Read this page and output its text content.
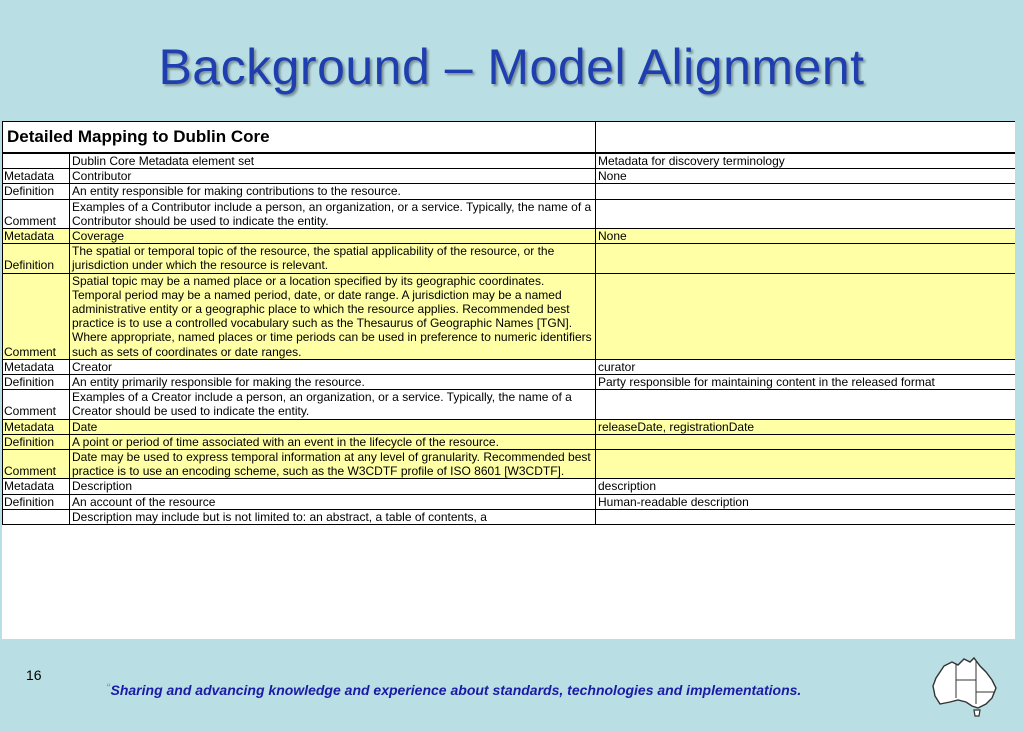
Background – Model Alignment
Detailed Mapping to Dublin Core		
	Dublin Core Metadata element set	Metadata for discovery terminology
Metadata	Contributor	None
Definition	An entity responsible for making contributions to the resource.	
Comment	Examples of a Contributor include a person, an organization, or a service. Typically, the name of a Contributor should be used to indicate the entity.	
Metadata	Coverage	None
Definition	The spatial or temporal topic of the resource, the spatial applicability of the resource, or the jurisdiction under which the resource is relevant.	
Comment	Spatial topic may be a named place or a location specified by its geographic coordinates. Temporal period may be a named period, date, or date range. A jurisdiction may be a named administrative entity or a geographic place to which the resource applies. Recommended best practice is to use a controlled vocabulary such as the Thesaurus of Geographic Names [TGN]. Where appropriate, named places or time periods can be used in preference to numeric identifiers such as sets of coordinates or date ranges.	
Metadata	Creator	curator
Definition	An entity primarily responsible for making the resource.	Party responsible for maintaining content in the released format
Comment	Examples of a Creator include a person, an organization, or a service. Typically, the name of a Creator should be used to indicate the entity.	
Metadata	Date	releaseDate, registrationDate
Definition	A point or period of time associated with an event in the lifecycle of the resource.	
Comment	Date may be used to express temporal information at any level of granularity. Recommended best practice is to use an encoding scheme, such as the W3CDTF profile of ISO 8601 [W3CDTF].	
Metadata	Description	description
Definition	An account of the resource	Human-readable description
	Description may include but is not limited to: an abstract, a table of contents, a	
16
“Sharing and advancing knowledge and experience about standards, technologies and implementations.
